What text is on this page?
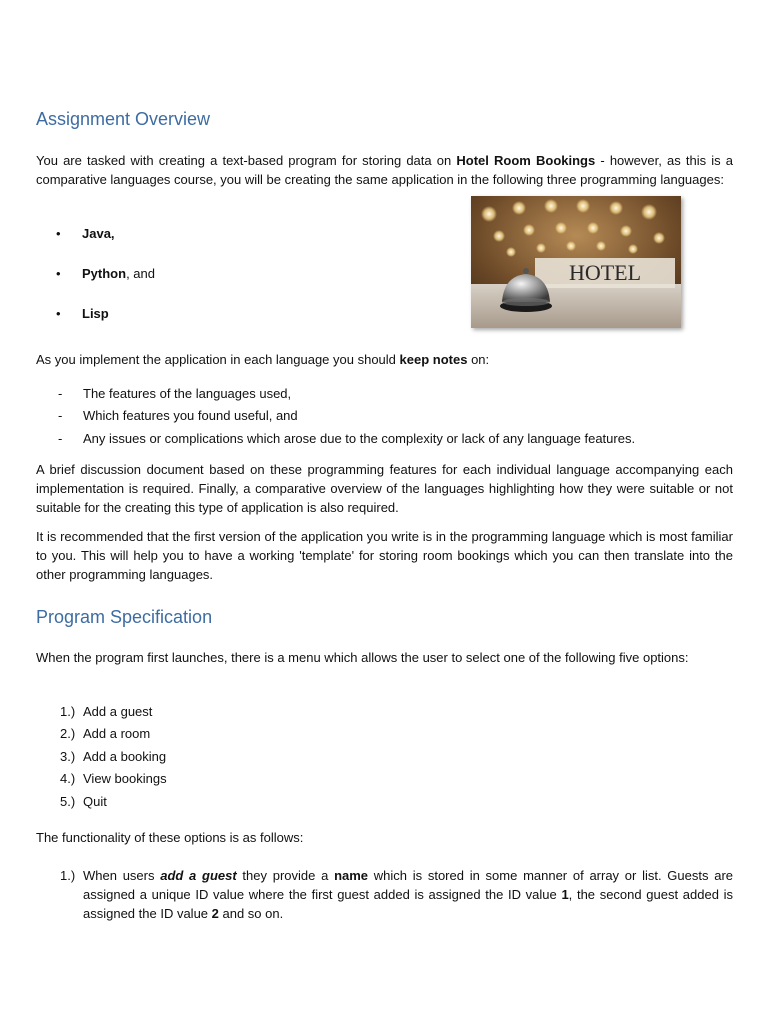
Assignment Overview

You are tasked with creating a text-based program for storing data on Hotel Room Bookings - however, as this is a comparative languages course, you will be creating the same application in the following three programming languages:

•	Java,
•	Python, and
•	Lisp
HOTEL

As you implement the application in each language you should keep notes on:

-	The features of the languages used,
-	Which features you found useful, and
-	Any issues or complications which arose due to the complexity or lack of any language features.

A brief discussion document based on these programming features for each individual language accompanying each implementation is required. Finally, a comparative overview of the languages highlighting how they were suitable or not suitable for the creating this type of application is also required.

It is recommended that the first version of the application you write is in the programming language which is most familiar to you. This will help you to have a working 'template' for storing room bookings which you can then translate into the other programming languages.

Program Specification

When the program first launches, there is a menu which allows the user to select one of the following five options:

1.) Add a guest
2.) Add a room
3.) Add a booking
4.) View bookings
5.) Quit

The functionality of these options is as follows:

1.) When users add a guest they provide a name which is stored in some manner of array or list. Guests are assigned a unique ID value where the first guest added is assigned the ID value 1, the second guest added is assigned the ID value 2 and so on.
